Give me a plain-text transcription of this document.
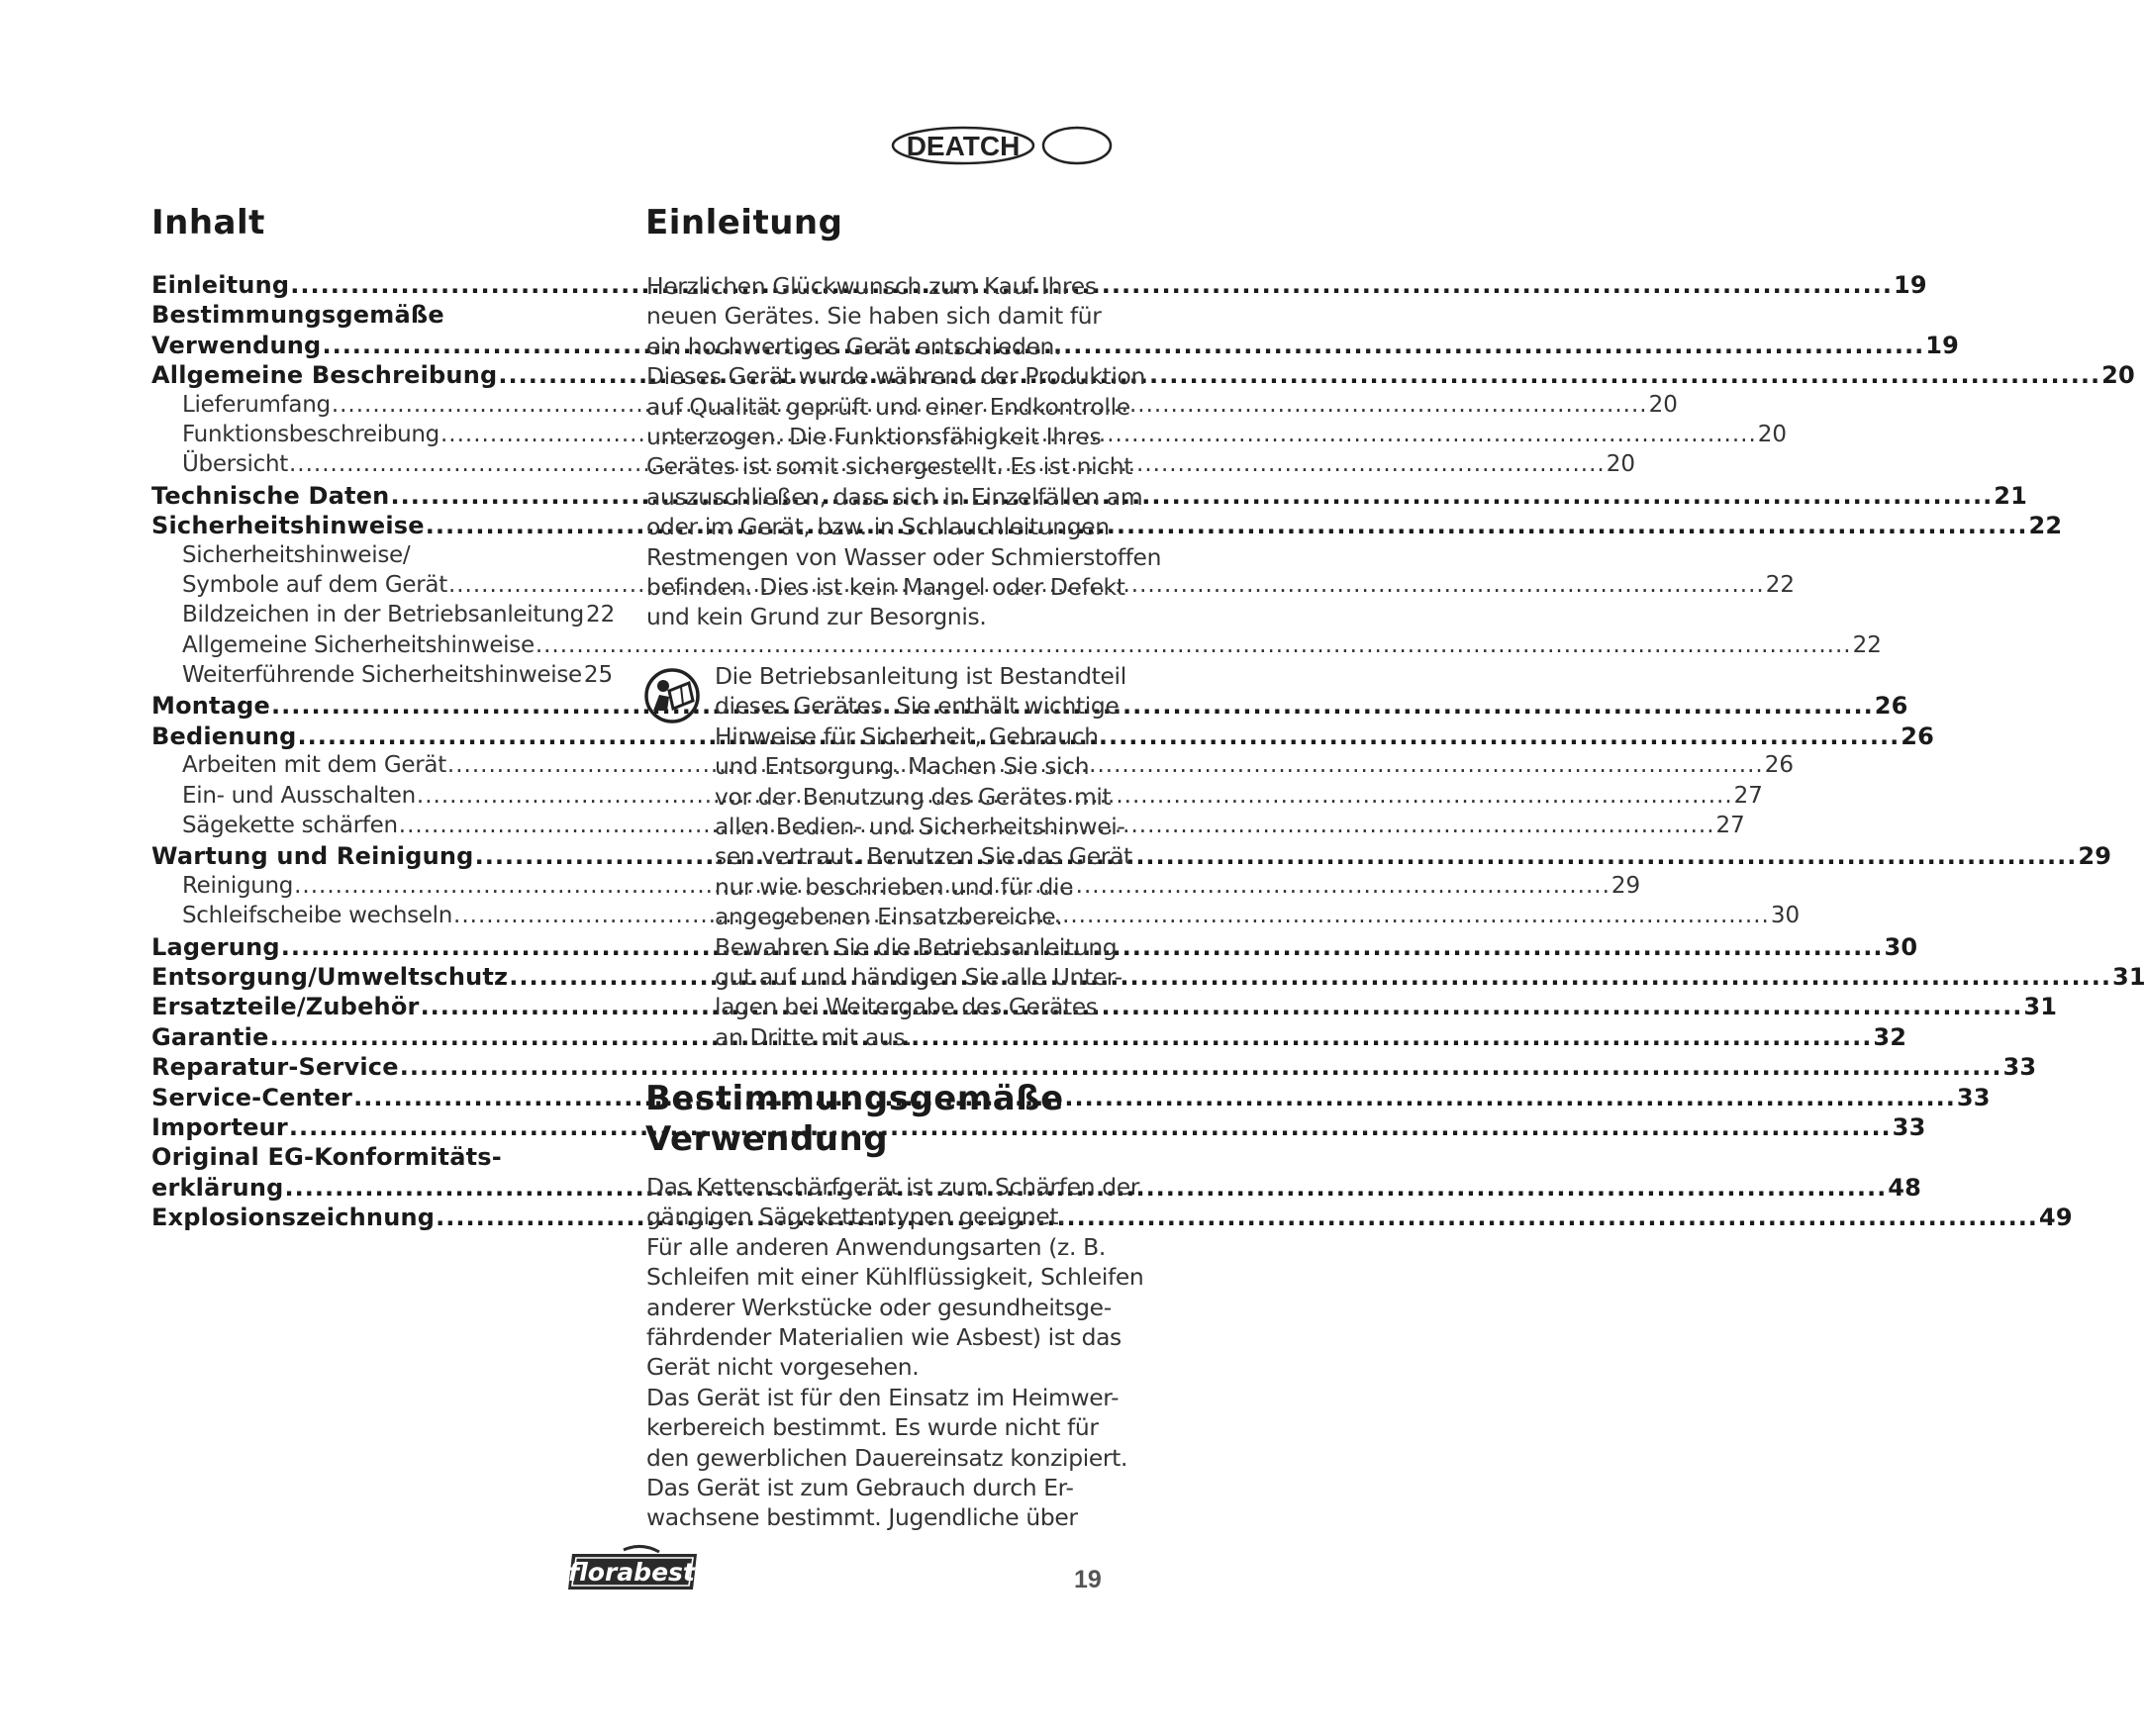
DEATCH
Inhalt
Einleitung .....	19
Bestimmungsgemäße
Verwendung .....	19
Allgemeine Beschreibung .....	20
Lieferumfang .....	20
Funktionsbeschreibung .....	20
Übersicht .....	20
Technische Daten .....	21
Sicherheitshinweise .....	22
Sicherheitshinweise/
Symbole auf dem Gerät .....	22
Bildzeichen in der Betriebsanleitung 22
Allgemeine Sicherheitshinweise .....	22
Weiterführende Sicherheitshinweise 25
Montage .....	26
Bedienung .....	26
Arbeiten mit dem Gerät .....	26
Ein- und Ausschalten .....	27
Sägekette schärfen .....	27
Wartung und Reinigung .....	29
Reinigung .....	29
Schleifscheibe wechseln .....	30
Lagerung .....	30
Entsorgung/Umweltschutz .....	31
Ersatzteile/Zubehör .....	31
Garantie .....	32
Reparatur-Service .....	33
Service-Center .....	33
Importeur .....	33
Original EG-Konformitäts-
erklärung .....	48
Explosionszeichnung .....	49
Einleitung
Herzlichen Glückwunsch zum Kauf Ihres
neuen Gerätes. Sie haben sich damit für
ein hochwertiges Gerät entschieden.
Dieses Gerät wurde während der Produktion
auf Qualität geprüft und einer Endkontrolle
unterzogen. Die Funktionsfähigkeit Ihres
Gerätes ist somit sichergestellt. Es ist nicht
auszuschließen, dass sich in Einzelfällen am
oder im Gerät, bzw. in Schlauchleitungen
Restmengen von Wasser oder Schmierstoffen
befinden. Dies ist kein Mangel oder Defekt
und kein Grund zur Besorgnis.
Die Betriebsanleitung ist Bestandteil
dieses Gerätes. Sie enthält wichtige
Hinweise für Sicherheit, Gebrauch
und Entsorgung. Machen Sie sich
vor der Benutzung des Gerätes mit
allen Bedien- und Sicherheitshinwei-
sen vertraut. Benutzen Sie das Gerät
nur wie beschrieben und für die
angegebenen Einsatzbereiche.
Bewahren Sie die Betriebsanleitung
gut auf und händigen Sie alle Unter-
lagen bei Weitergabe des Gerätes
an Dritte mit aus.
Bestimmungsgemäße
Verwendung
Das Kettenschärfgerät ist zum Schärfen der
gängigen Sägekettentypen geeignet.
Für alle anderen Anwendungsarten (z. B.
Schleifen mit einer Kühlflüssigkeit, Schleifen
anderer Werkstücke oder gesundheitsge-
fährdender Materialien wie Asbest) ist das
Gerät nicht vorgesehen.
Das Gerät ist für den Einsatz im Heimwer-
kerbereich bestimmt. Es wurde nicht für
den gewerblichen Dauereinsatz konzipiert.
Das Gerät ist zum Gebrauch durch Er-
wachsene bestimmt. Jugendliche über
florabest	19
